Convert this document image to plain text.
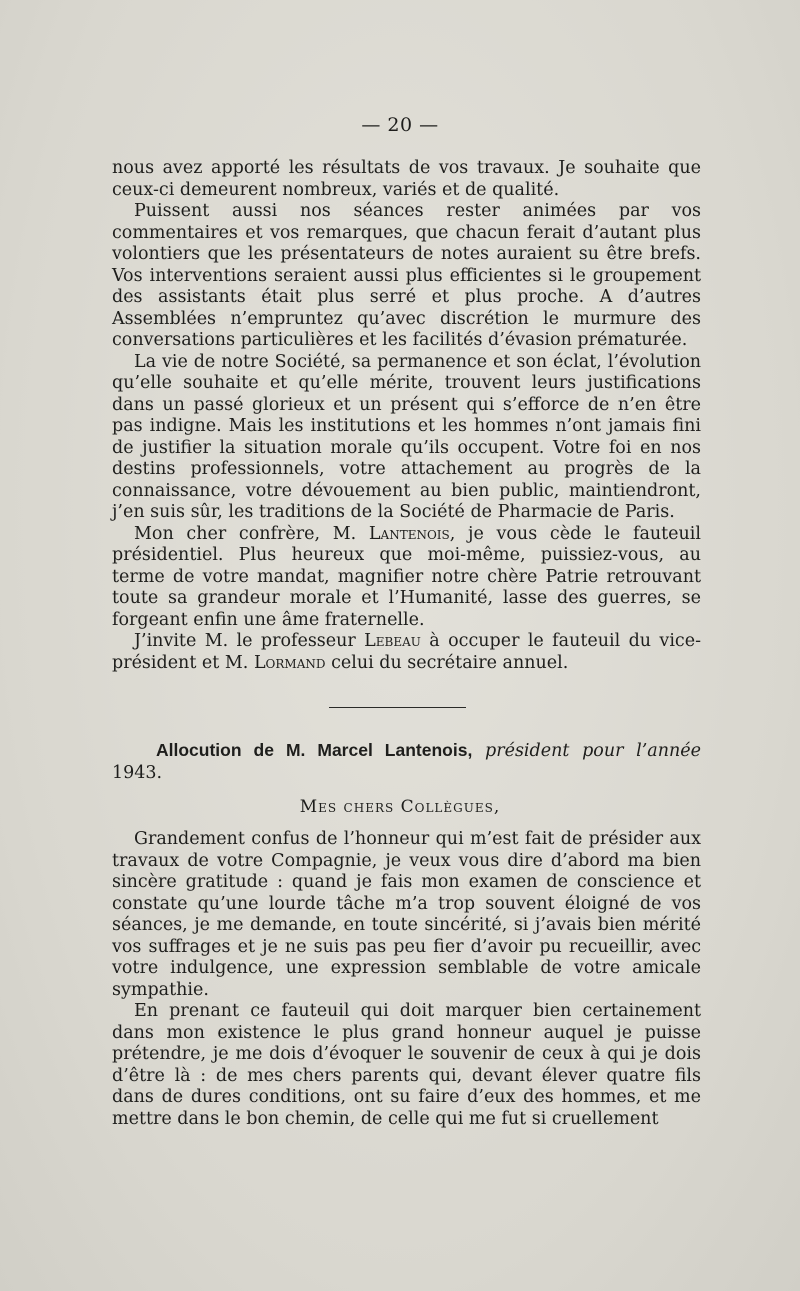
— 20 —

nous avez apporté les résultats de vos travaux. Je souhaite que ceux-ci demeurent nombreux, variés et de qualité.

Puissent aussi nos séances rester animées par vos commentaires et vos remarques, que chacun ferait d’autant plus volontiers que les présentateurs de notes auraient su être brefs. Vos interventions seraient aussi plus efficientes si le groupement des assistants était plus serré et plus proche. A d’autres Assemblées n’empruntez qu’avec discrétion le murmure des conversations particulières et les facilités d’évasion prématurée.

La vie de notre Société, sa permanence et son éclat, l’évolution qu’elle souhaite et qu’elle mérite, trouvent leurs justifications dans un passé glorieux et un présent qui s’efforce de n’en être pas indigne. Mais les institutions et les hommes n’ont jamais fini de justifier la situation morale qu’ils occupent. Votre foi en nos destins professionnels, votre attachement au progrès de la connaissance, votre dévouement au bien public, maintiendront, j’en suis sûr, les traditions de la Société de Pharmacie de Paris.

Mon cher confrère, M. Lantenois, je vous cède le fauteuil présidentiel. Plus heureux que moi-même, puissiez-vous, au terme de votre mandat, magnifier notre chère Patrie retrouvant toute sa grandeur morale et l’Humanité, lasse des guerres, se forgeant enfin une âme fraternelle.

J’invite M. le professeur Lebeau à occuper le fauteuil du vice-président et M. Lormand celui du secrétaire annuel.

Allocution de M. Marcel Lantenois, président pour l’année 1943.

Mes chers Collègues,

Grandement confus de l’honneur qui m’est fait de présider aux travaux de votre Compagnie, je veux vous dire d’abord ma bien sincère gratitude : quand je fais mon examen de conscience et constate qu’une lourde tâche m’a trop souvent éloigné de vos séances, je me demande, en toute sincérité, si j’avais bien mérité vos suffrages et je ne suis pas peu fier d’avoir pu recueillir, avec votre indulgence, une expression semblable de votre amicale sympathie.

En prenant ce fauteuil qui doit marquer bien certainement dans mon existence le plus grand honneur auquel je puisse prétendre, je me dois d’évoquer le souvenir de ceux à qui je dois d’être là : de mes chers parents qui, devant élever quatre fils dans de dures conditions, ont su faire d’eux des hommes, et me mettre dans le bon chemin, de celle qui me fut si cruellement
